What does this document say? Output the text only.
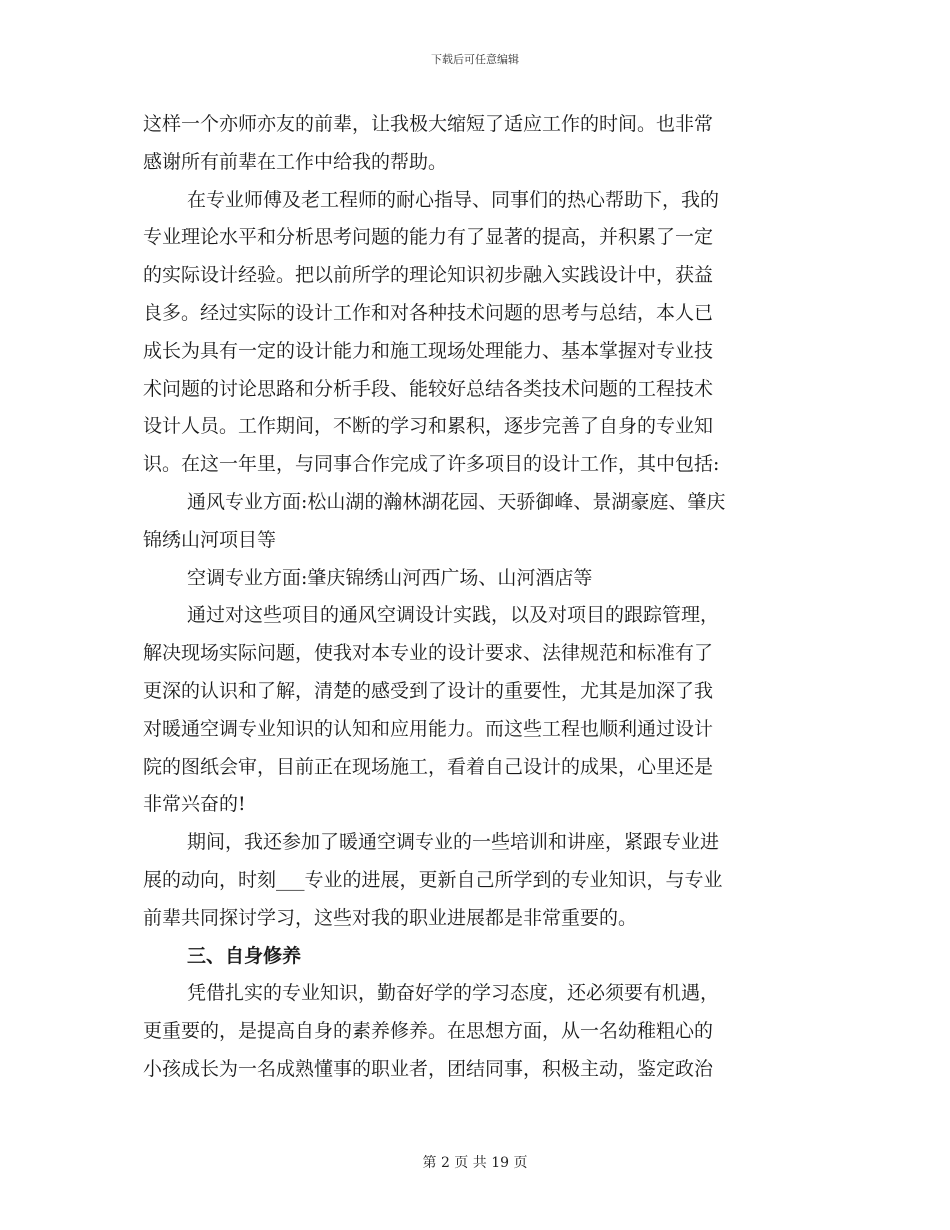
下载后可任意编辑
这样一个亦师亦友的前辈，让我极大缩短了适应工作的时间。也非常
感谢所有前辈在工作中给我的帮助。
在专业师傅及老工程师的耐心指导、同事们的热心帮助下，我的
专业理论水平和分析思考问题的能力有了显著的提高，并积累了一定
的实际设计经验。把以前所学的理论知识初步融入实践设计中，获益
良多。经过实际的设计工作和对各种技术问题的思考与总结，本人已
成长为具有一定的设计能力和施工现场处理能力、基本掌握对专业技
术问题的讨论思路和分析手段、能较好总结各类技术问题的工程技术
设计人员。工作期间，不断的学习和累积，逐步完善了自身的专业知
识。在这一年里，与同事合作完成了许多项目的设计工作，其中包括:
通风专业方面:松山湖的瀚林湖花园、天骄御峰、景湖豪庭、肇庆
锦绣山河项目等
空调专业方面:肇庆锦绣山河西广场、山河酒店等
通过对这些项目的通风空调设计实践，以及对项目的跟踪管理，
解决现场实际问题，使我对本专业的设计要求、法律规范和标准有了
更深的认识和了解，清楚的感受到了设计的重要性，尤其是加深了我
对暖通空调专业知识的认知和应用能力。而这些工程也顺利通过设计
院的图纸会审，目前正在现场施工，看着自己设计的成果，心里还是
非常兴奋的!
期间，我还参加了暖通空调专业的一些培训和讲座，紧跟专业进
展的动向，时刻___专业的进展，更新自己所学到的专业知识，与专业
前辈共同探讨学习，这些对我的职业进展都是非常重要的。
三、自身修养
凭借扎实的专业知识，勤奋好学的学习态度，还必须要有机遇，
更重要的，是提高自身的素养修养。在思想方面，从一名幼稚粗心的
小孩成长为一名成熟懂事的职业者，团结同事，积极主动，鉴定政治
第 2 页 共 19 页
